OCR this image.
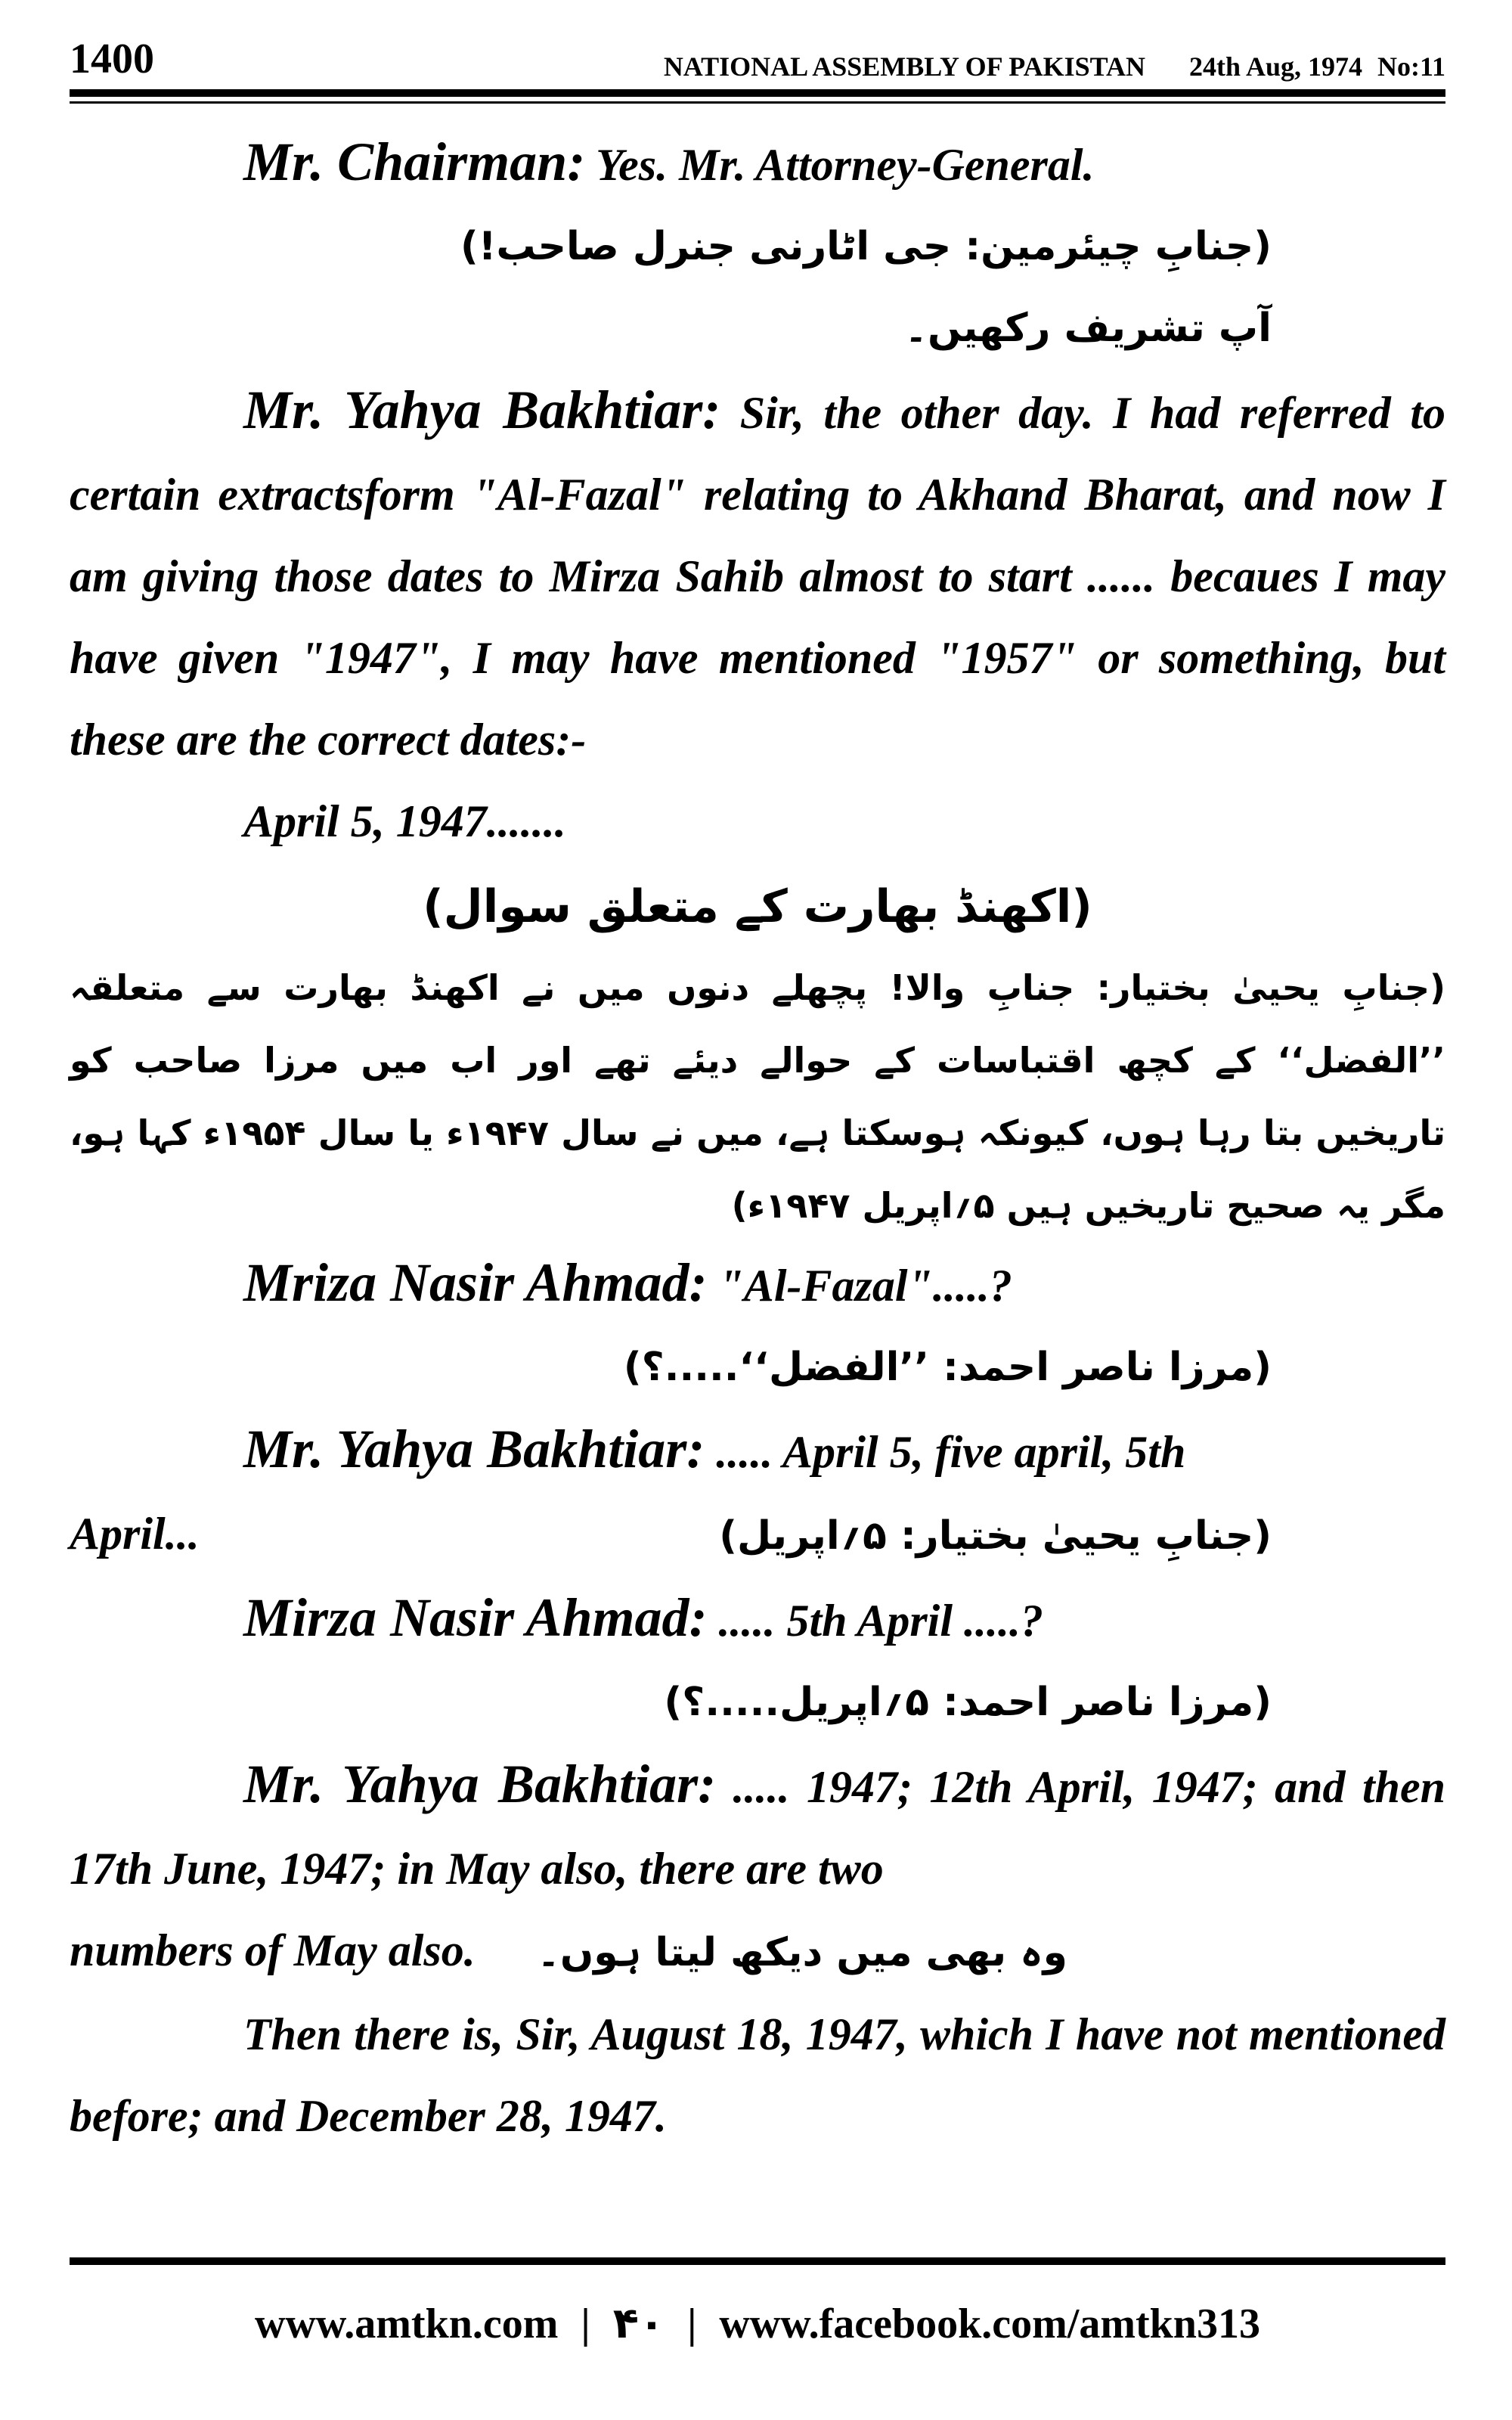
1400	NATIONAL ASSEMBLY OF PAKISTAN 24th Aug, 1974 No:11

Mr. Chairman: Yes. Mr. Attorney-General.

(جنابِ چیئرمین: جی اٹارنی جنرل صاحب!)

آپ تشریف رکھیں۔

Mr. Yahya Bakhtiar: Sir, the other day. I had referred to certain extractsform "Al-Fazal" relating to Akhand Bharat, and now I am giving those dates to Mirza Sahib almost to start ...... becaues I may have given "1947", I may have mentioned "1957" or something, but these are the correct dates:-

April 5, 1947.......

(اکھنڈ بھارت کے متعلق سوال)

(جنابِ یحییٰ بختیار: جنابِ والا! پچھلے دنوں میں نے اکھنڈ بھارت سے متعلقہ ’’الفضل‘‘ کے کچھ اقتباسات کے حوالے دیئے تھے اور اب میں مرزا صاحب کو تاریخیں بتا رہا ہوں، کیونکہ ہوسکتا ہے، میں نے سال ۱۹۴۷ء یا سال ۱۹۵۴ء کہا ہو، مگر یہ صحیح تاریخیں ہیں ۵؍اپریل ۱۹۴۷ء)

Mriza Nasir Ahmad: "Al-Fazal".....?

(مرزا ناصر احمد: ’’الفضل‘‘.....؟)

Mr. Yahya Bakhtiar: ..... April 5, five april, 5th

April...	(جنابِ یحییٰ بختیار: ۵؍اپریل)

Mirza Nasir Ahmad: ..... 5th April .....?

(مرزا ناصر احمد: ۵؍اپریل.....؟)

Mr. Yahya Bakhtiar: ..... 1947; 12th April, 1947; and then 17th June, 1947; in May also, there are two

numbers of May also. وہ بھی میں دیکھ لیتا ہوں۔

Then there is, Sir, August 18, 1947, which I have not mentioned before; and December 28, 1947.

www.amtkn.com | ۴۰ | www.facebook.com/amtkn313
